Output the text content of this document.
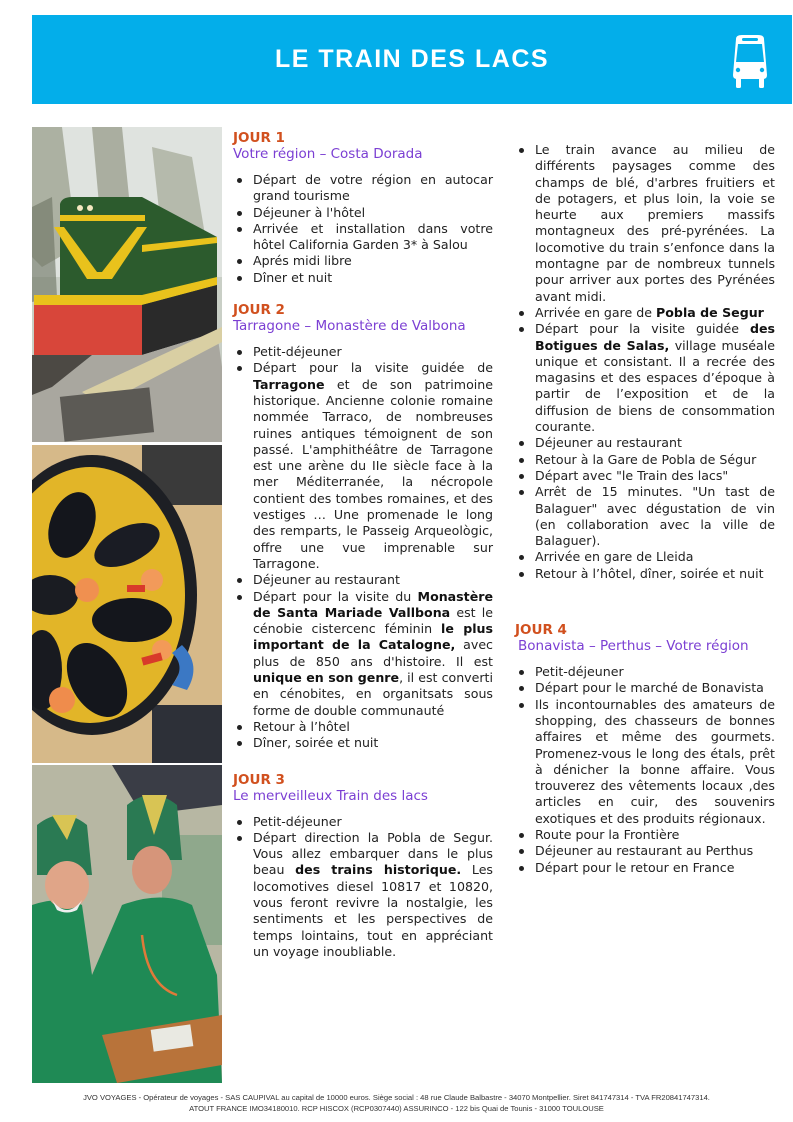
LE TRAIN DES LACS
JOUR 1
Votre région – Costa Dorada
Départ de votre région en autocar grand tourisme
Déjeuner à l'hôtel
Arrivée et installation dans votre hôtel California Garden 3* à Salou
Aprés midi libre
Dîner et nuit
JOUR 2
Tarragone – Monastère de Valbona
Petit-déjeuner
Départ pour la visite guidée de Tarragone et de son patrimoine historique. Ancienne colonie romaine nommée Tarraco, de nombreuses ruines antiques témoignent de son passé. L'amphithéâtre de Tarragone est une arène du IIe siècle face à la mer Méditerranée, la nécropole contient des tombes romaines, et des vestiges … Une promenade le long des remparts, le Passeig Arqueològic, offre une vue imprenable sur Tarragone.
Déjeuner au restaurant
Départ pour la visite du Monastère de Santa Mariade Vallbona est le cénobie cistercenc féminin le plus important de la Catalogne, avec plus de 850 ans d'histoire. Il est unique en son genre, il est converti en cénobites, en organitsats sous forme de double communauté
Retour à l’hôtel
Dîner, soirée et nuit
JOUR 3
Le merveilleux Train des lacs
Petit-déjeuner
Départ direction la Pobla de Segur. Vous allez embarquer dans le plus beau des trains historique. Les locomotives diesel 10817 et 10820, vous feront revivre la nostalgie, les sentiments et les perspectives de temps lointains, tout en appréciant un voyage inoubliable.
Le train avance au milieu de différents paysages comme des champs de blé, d'arbres fruitiers et de potagers, et plus loin, la voie se heurte aux premiers massifs montagneux des pré-pyrénées. La locomotive du train s’enfonce dans la montagne par de nombreux tunnels pour arriver aux portes des Pyrénées avant midi.
Arrivée en gare de Pobla de Segur
Départ pour la visite guidée des Botigues de Salas, village muséale unique et consistant. Il a recrée des magasins et des espaces d’époque à partir de l’exposition et de la diffusion de biens de consommation courante.
Déjeuner au restaurant
Retour à la Gare de Pobla de Ségur
Départ avec "le Train des lacs"
Arrêt de 15 minutes. "Un tast de Balaguer" avec dégustation de vin (en collaboration avec la ville de Balaguer).
Arrivée en gare de Lleida
Retour à l’hôtel, dîner, soirée et nuit
JOUR 4
Bonavista – Perthus – Votre région
Petit-déjeuner
Départ pour le marché de Bonavista
Ils incontournables des amateurs de shopping, des chasseurs de bonnes affaires et même des gourmets. Promenez-vous le long des étals, prêt à dénicher la bonne affaire. Vous trouverez des vêtements locaux ,des articles en cuir, des souvenirs exotiques et des produits régionaux.
Route pour la Frontière
Déjeuner au restaurant au Perthus
Départ pour le retour en France
JVO VOYAGES - Opérateur de voyages - SAS CAUPIVAL au capital de 10000 euros. Siège social : 48 rue Claude Balbastre - 34070 Montpellier. Siret 841747314 - TVA FR20841747314.
ATOUT FRANCE IMO34180010. RCP HISCOX (RCP0307440) ASSURINCO - 122 bis Quai de Tounis - 31000 TOULOUSE
